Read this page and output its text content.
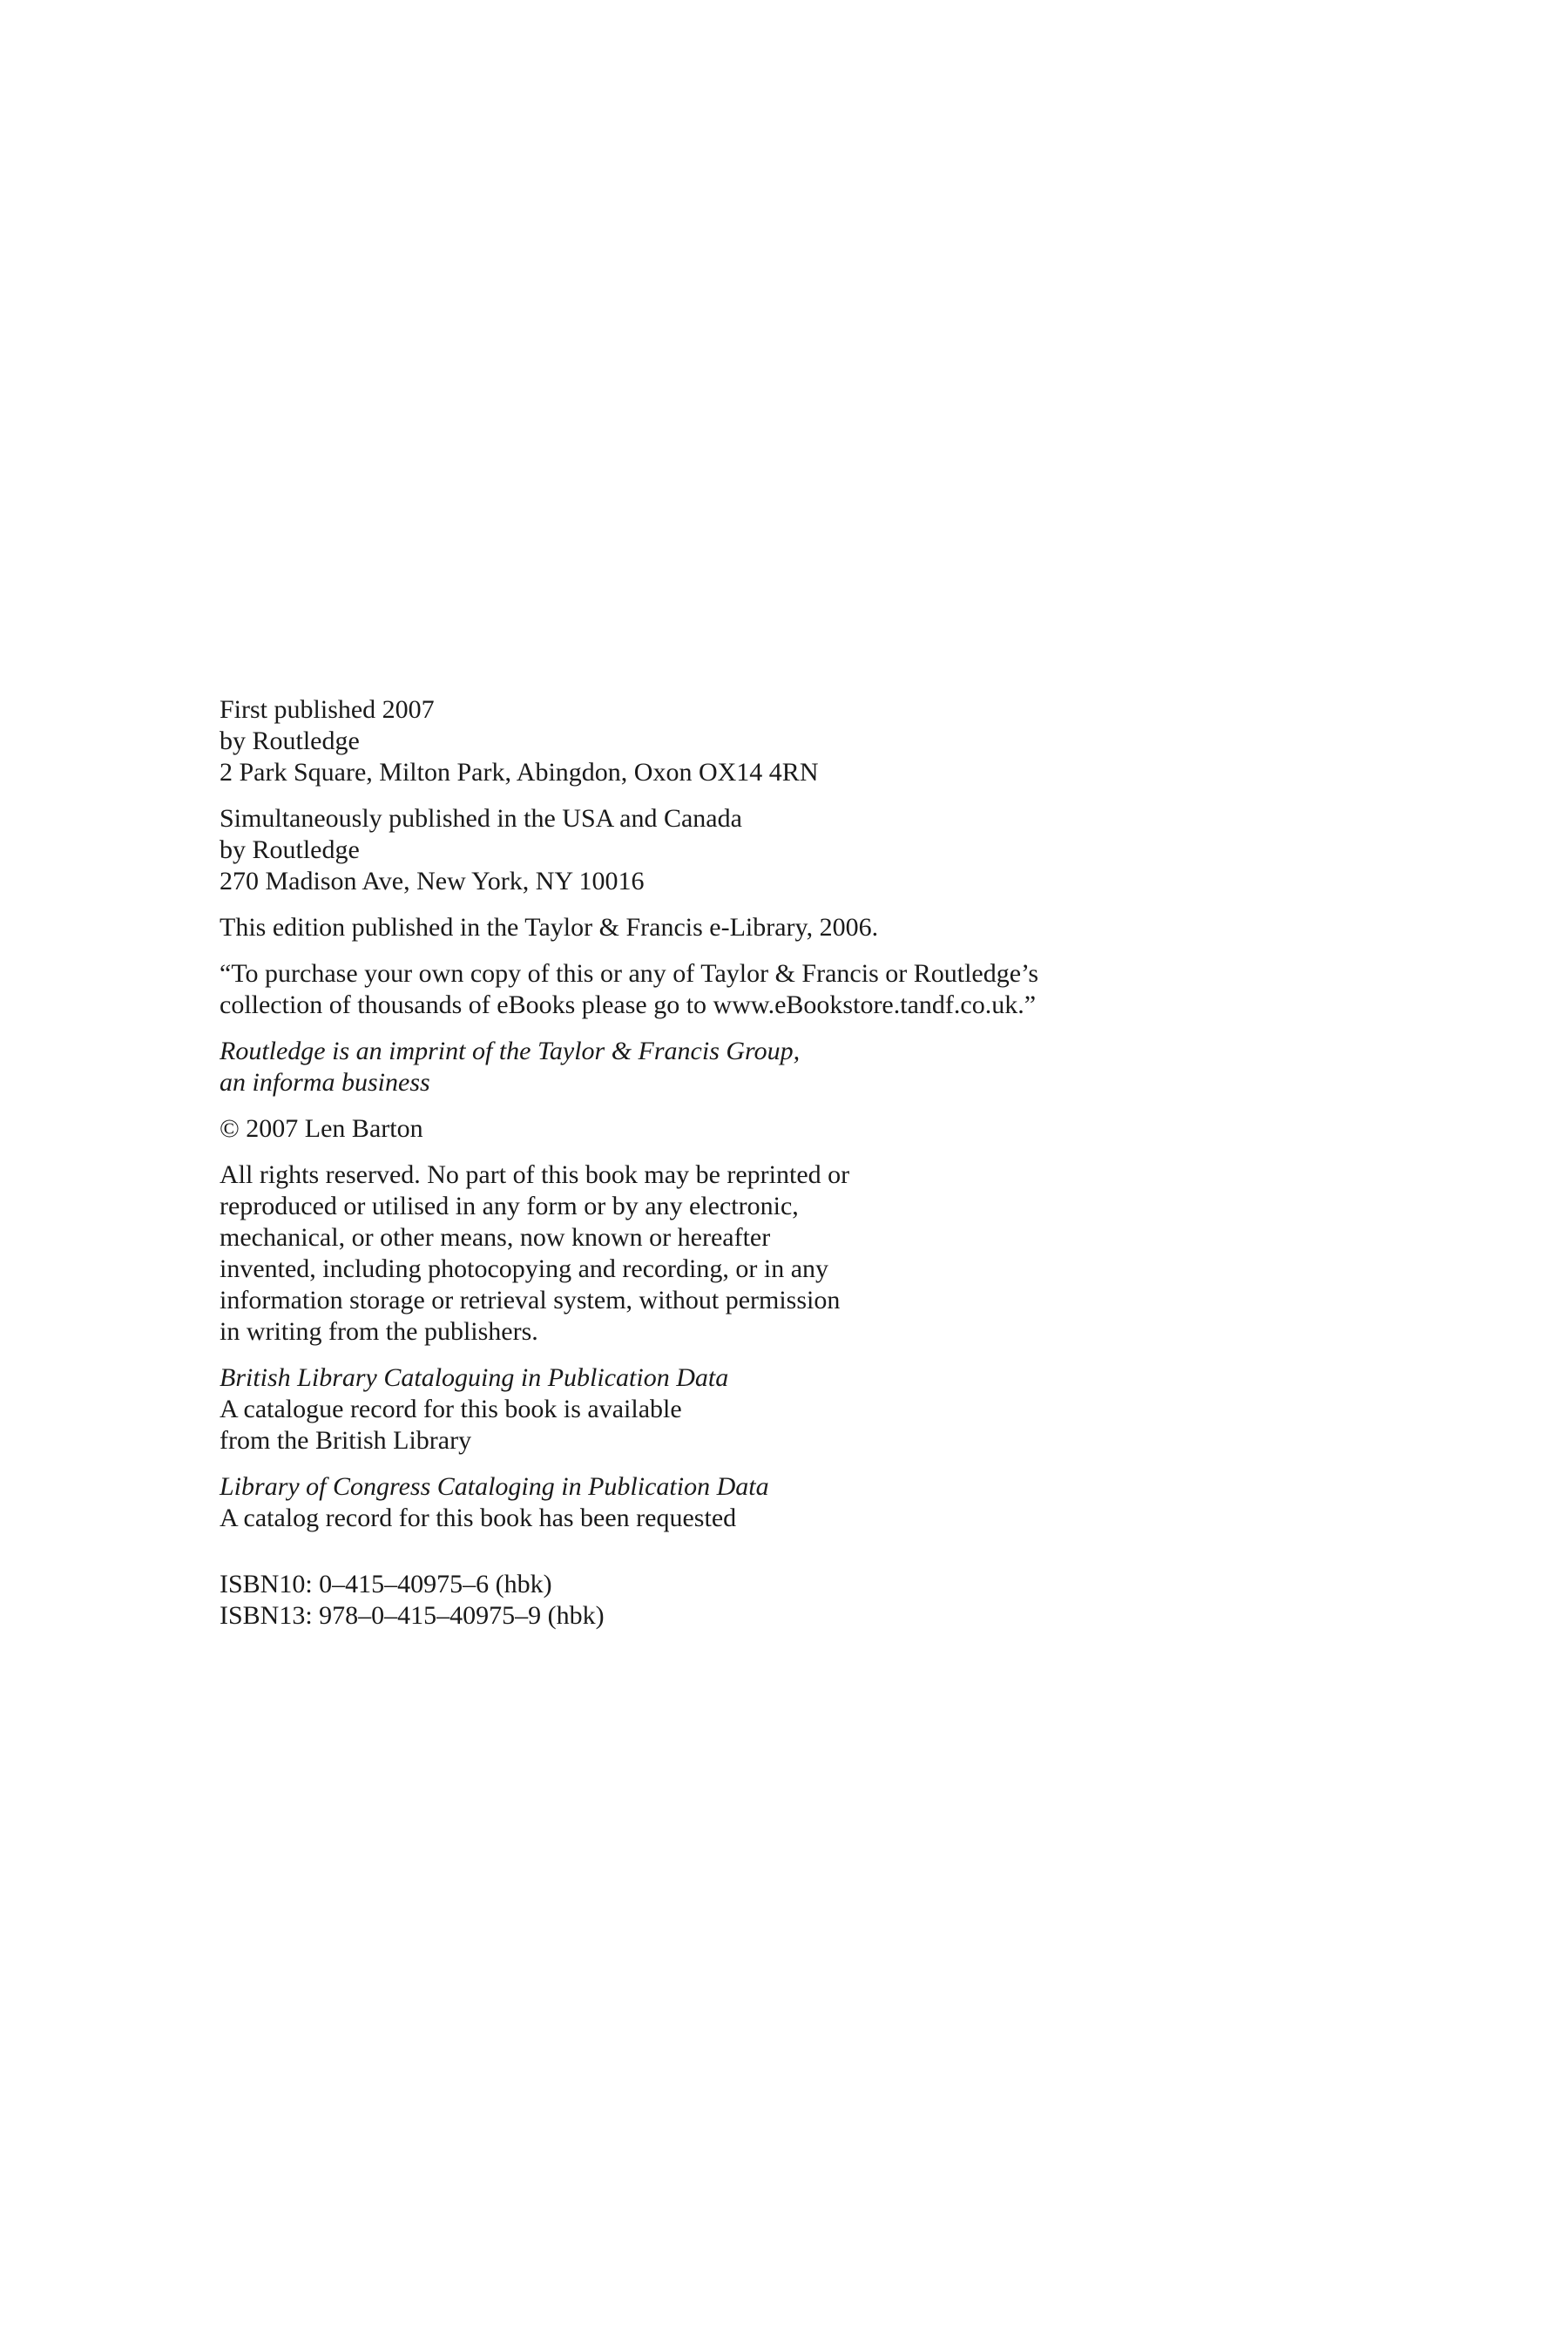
First published 2007
by Routledge
2 Park Square, Milton Park, Abingdon, Oxon OX14 4RN
Simultaneously published in the USA and Canada
by Routledge
270 Madison Ave, New York, NY 10016
This edition published in the Taylor & Francis e-Library, 2006.
“To purchase your own copy of this or any of Taylor & Francis or Routledge’s
collection of thousands of eBooks please go to www.eBookstore.tandf.co.uk.”
Routledge is an imprint of the Taylor & Francis Group,
an informa business
© 2007 Len Barton
All rights reserved. No part of this book may be reprinted or
reproduced or utilised in any form or by any electronic,
mechanical, or other means, now known or hereafter
invented, including photocopying and recording, or in any
information storage or retrieval system, without permission
in writing from the publishers.
British Library Cataloguing in Publication Data
A catalogue record for this book is available
from the British Library
Library of Congress Cataloging in Publication Data
A catalog record for this book has been requested
ISBN10: 0–415–40975–6 (hbk)
ISBN13: 978–0–415–40975–9 (hbk)
